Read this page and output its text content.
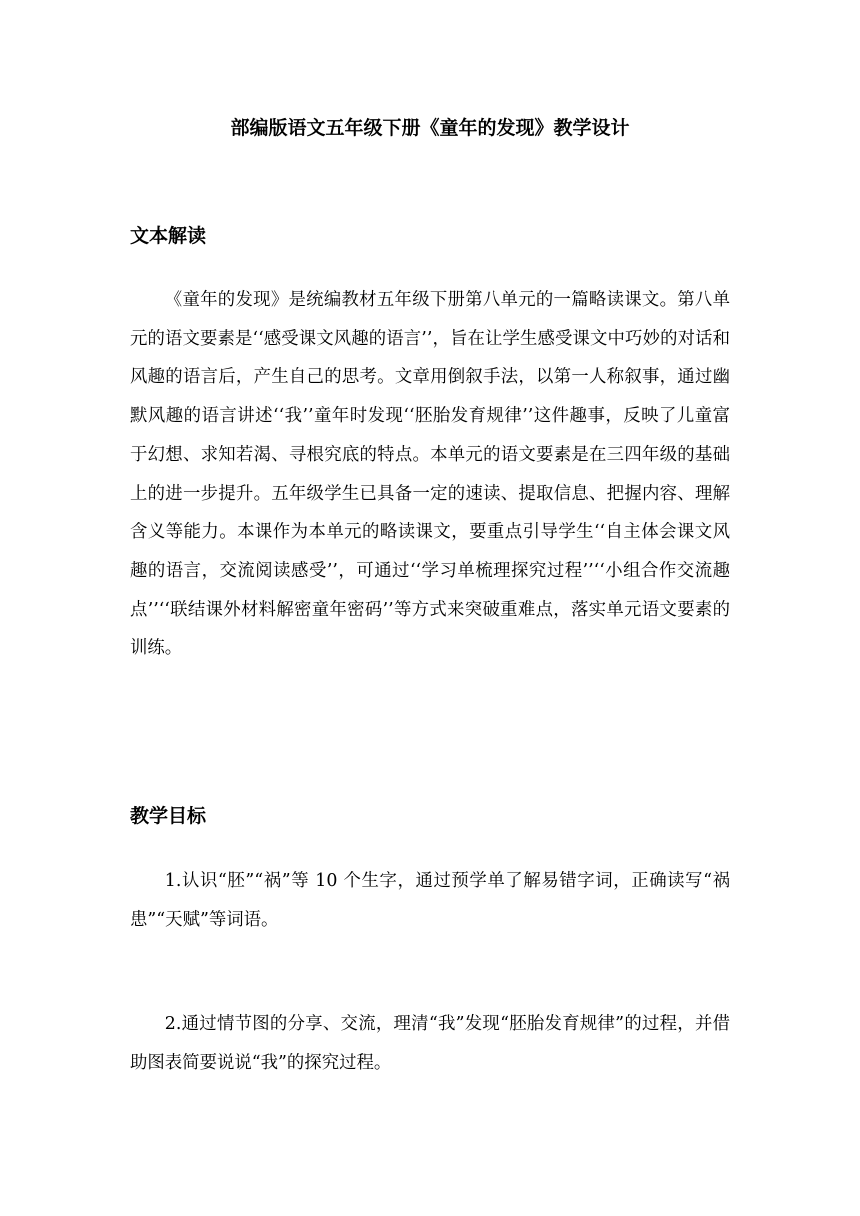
部编版语文五年级下册《童年的发现》教学设计
文本解读

《童年的发现》是统编教材五年级下册第八单元的一篇略读课文。第八单元的语文要素是‘‘感受课文风趣的语言’’，旨在让学生感受课文中巧妙的对话和风趣的语言后，产生自己的思考。文章用倒叙手法，以第一人称叙事，通过幽默风趣的语言讲述‘‘我’’童年时发现‘‘胚胎发育规律’’这件趣事，反映了儿童富于幻想、求知若渴、寻根究底的特点。本单元的语文要素是在三四年级的基础上的进一步提升。五年级学生已具备一定的速读、提取信息、把握内容、理解含义等能力。本课作为本单元的略读课文，要重点引导学生‘‘自主体会课文风趣的语言，交流阅读感受’’，可通过‘‘学习单梳理探究过程’’‘‘小组合作交流趣点’’‘‘联结课外材料解密童年密码’’等方式来突破重难点，落实单元语文要素的训练。

教学目标

1.认识“胚”“祸”等 10 个生字，通过预学单了解易错字词，正确读写“祸患”“天赋”等词语。

2.通过情节图的分享、交流，理清“我”发现“胚胎发育规律”的过程，并借助图表简要说说“我”的探究过程。
